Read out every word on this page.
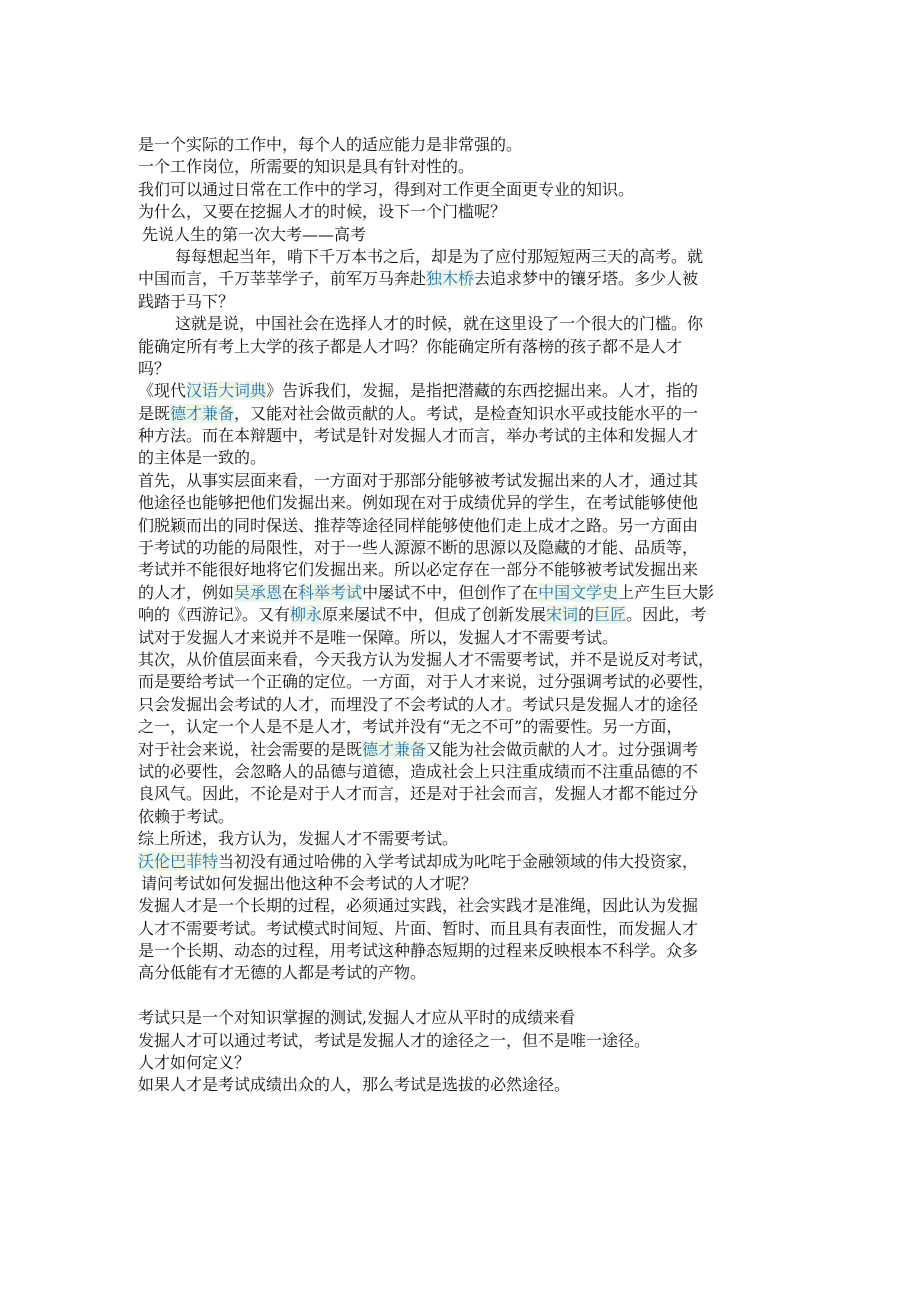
是一个实际的工作中，每个人的适应能力是非常强的。
一个工作岗位，所需要的知识是具有针对性的。
我们可以通过日常在工作中的学习，得到对工作更全面更专业的知识。
为什么，又要在挖掘人才的时候，设下一个门槛呢？
先说人生的第一次大考——高考
每每想起当年，啃下千万本书之后，却是为了应付那短短两三天的高考。就
中国而言，千万莘莘学子，前军万马奔赴独木桥去追求梦中的镶牙塔。多少人被
践踏于马下？
这就是说，中国社会在选择人才的时候，就在这里设了一个很大的门槛。你
能确定所有考上大学的孩子都是人才吗？你能确定所有落榜的孩子都不是人才
吗？
《现代汉语大词典》告诉我们，发掘，是指把潜藏的东西挖掘出来。人才，指的
是既德才兼备，又能对社会做贡献的人。考试，是检查知识水平或技能水平的一
种方法。而在本辩题中，考试是针对发掘人才而言，举办考试的主体和发掘人才
的主体是一致的。
首先，从事实层面来看，一方面对于那部分能够被考试发掘出来的人才，通过其
他途径也能够把他们发掘出来。例如现在对于成绩优异的学生，在考试能够使他
们脱颖而出的同时保送、推荐等途径同样能够使他们走上成才之路。另一方面由
于考试的功能的局限性，对于一些人源源不断的思源以及隐藏的才能、品质等，
考试并不能很好地将它们发掘出来。所以必定存在一部分不能够被考试发掘出来
的人才，例如吴承恩在科举考试中屡试不中，但创作了在中国文学史上产生巨大影
响的《西游记》。又有柳永原来屡试不中，但成了创新发展宋词的巨匠。因此，考
试对于发掘人才来说并不是唯一保障。所以，发掘人才不需要考试。
其次，从价值层面来看，今天我方认为发掘人才不需要考试，并不是说反对考试，
而是要给考试一个正确的定位。一方面，对于人才来说，过分强调考试的必要性，
只会发掘出会考试的人才，而埋没了不会考试的人才。考试只是发掘人才的途径
之一，认定一个人是不是人才，考试并没有“无之不可”的需要性。另一方面，
对于社会来说，社会需要的是既德才兼备又能为社会做贡献的人才。过分强调考
试的必要性，会忽略人的品德与道德，造成社会上只注重成绩而不注重品德的不
良风气。因此，不论是对于人才而言，还是对于社会而言，发掘人才都不能过分
依赖于考试。
综上所述，我方认为，发掘人才不需要考试。
沃伦巴菲特当初没有通过哈佛的入学考试却成为叱咤于金融领域的伟大投资家，
请问考试如何发掘出他这种不会考试的人才呢？
发掘人才是一个长期的过程，必须通过实践，社会实践才是准绳，因此认为发掘
人才不需要考试。考试模式时间短、片面、暂时、而且具有表面性，而发掘人才
是一个长期、动态的过程，用考试这种静态短期的过程来反映根本不科学。众多
高分低能有才无德的人都是考试的产物。
考试只是一个对知识掌握的测试,发掘人才应从平时的成绩来看
发掘人才可以通过考试，考试是发掘人才的途径之一，但不是唯一途径。
人才如何定义？
如果人才是考试成绩出众的人，那么考试是选拔的必然途径。
